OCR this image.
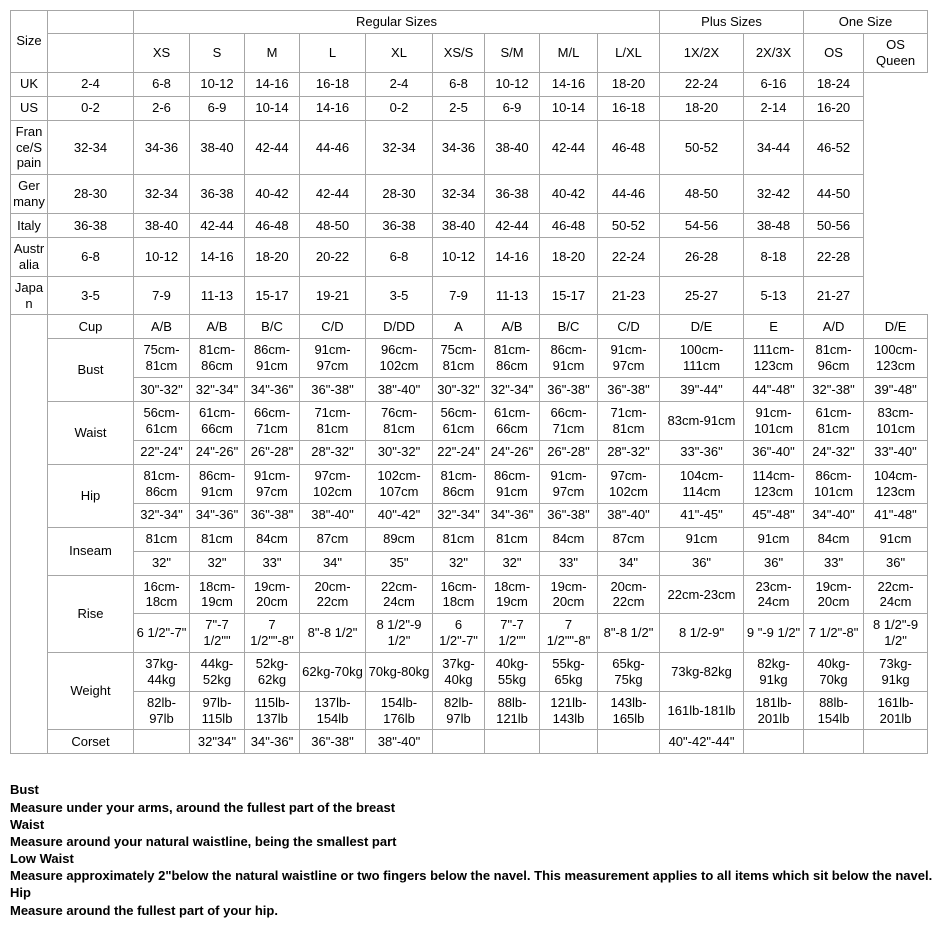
Size		Regular Sizes									Plus Sizes		One Size	
		XS	S	M	L	XL	XS/S	S/M	M/L	L/XL	1X/2X	2X/3X	OS	OS Queen
UK	2-4	6-8	10-12	14-16	16-18	2-4	6-8	10-12	14-16	18-20	22-24	6-16	18-24	
US	0-2	2-6	6-9	10-14	14-16	0-2	2-5	6-9	10-14	16-18	18-20	2-14	16-20	
France/Spain	32-34	34-36	38-40	42-44	44-46	32-34	34-36	38-40	42-44	46-48	50-52	34-44	46-52	
Germany	28-30	32-34	36-38	40-42	42-44	28-30	32-34	36-38	40-42	44-46	48-50	32-42	44-50	
Italy	36-38	38-40	42-44	46-48	48-50	36-38	38-40	42-44	46-48	50-52	54-56	38-48	50-56	
Australia	6-8	10-12	14-16	18-20	20-22	6-8	10-12	14-16	18-20	22-24	26-28	8-18	22-28	
Japan	3-5	7-9	11-13	15-17	19-21	3-5	7-9	11-13	15-17	21-23	25-27	5-13	21-27	
	Cup	A/B	A/B	B/C	C/D	D/DD	A	A/B	B/C	C/D	D/E	E	A/D	D/E
	Bust	75cm-81cm	81cm-86cm	86cm-91cm	91cm-97cm	96cm-102cm	75cm-81cm	81cm-86cm	86cm-91cm	91cm-97cm	100cm-111cm	111cm-123cm	81cm-96cm	100cm-123cm
		30"-32"	32"-34"	34"-36"	36"-38"	38"-40"	30"-32"	32"-34"	36"-38"	36"-38"	39"-44"	44"-48"	32"-38"	39"-48"
	Waist	56cm-61cm	61cm-66cm	66cm-71cm	71cm-81cm	76cm-81cm	56cm-61cm	61cm-66cm	66cm-71cm	71cm-81cm	83cm-91cm	91cm-101cm	61cm-81cm	83cm-101cm
		22"-24"	24"-26"	26"-28"	28"-32"	30"-32"	22"-24"	24"-26"	26"-28"	28"-32"	33"-36"	36"-40"	24"-32"	33"-40"
	Hip	81cm-86cm	86cm-91cm	91cm-97cm	97cm-102cm	102cm-107cm	81cm-86cm	86cm-91cm	91cm-97cm	97cm-102cm	104cm-114cm	114cm-123cm	86cm-101cm	104cm-123cm
		32"-34"	34"-36"	36"-38"	38"-40"	40"-42"	32"-34"	34"-36"	36"-38"	38"-40"	41"-45"	45"-48"	34"-40"	41"-48"
	Inseam	81cm	81cm	84cm	87cm	89cm	81cm	81cm	84cm	87cm	91cm	91cm	84cm	91cm
		32"	32"	33"	34"	35"	32"	32"	33"	34"	36"	36"	33"	36"
	Rise	16cm-18cm	18cm-19cm	19cm-20cm	20cm-22cm	22cm-24cm	16cm-18cm	18cm-19cm	19cm-20cm	20cm-22cm	22cm-23cm	23cm-24cm	19cm-20cm	22cm-24cm
		6 1/2"-7"	7"-7 1/2""	7 1/2""-8"	8"-8 1/2"	8 1/2"-9 1/2"	6 1/2"-7"	7"-7 1/2""	7 1/2""-8"	8"-8 1/2"	8 1/2-9"	9 "-9 1/2"	7 1/2"-8"	8 1/2"-9 1/2"
	Weight	37kg-44kg	44kg-52kg	52kg-62kg	62kg-70kg	70kg-80kg	37kg-40kg	40kg-55kg	55kg-65kg	65kg-75kg	73kg-82kg	82kg-91kg	40kg-70kg	73kg-91kg
		82lb-97lb	97lb-115lb	115lb-137lb	137lb-154lb	154lb-176lb	82lb-97lb	88lb-121lb	121lb-143lb	143lb-165lb	161lb-181lb	181lb-201lb	88lb-154lb	161lb-201lb
	Corset		32"34"	34"-36"	36"-38"	38"-40"					40"-42"-44"			
Bust
Measure under your arms, around the fullest part of the breast
Waist
Measure around your natural waistline, being the smallest part
Low Waist
Measure approximately 2"below the natural waistline or two fingers below the navel. This measurement applies to all items which sit below the navel.
Hip
Measure around the fullest part of your hip.
